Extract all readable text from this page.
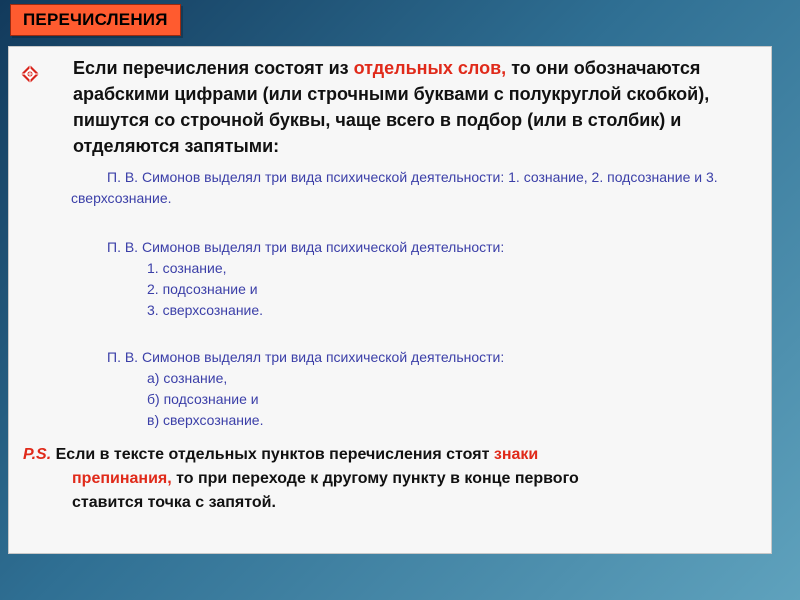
ПЕРЕЧИСЛЕНИЯ
Если перечисления состоят из отдельных слов, то они обозначаются арабскими цифрами (или строчными буквами с полукруглой скобкой), пишутся со строчной буквы, чаще всего в подбор (или в столбик) и отделяются запятыми:
П. В. Симонов выделял три вида психической деятельности: 1. сознание, 2. подсознание и 3. сверхсознание.
П. В. Симонов выделял три вида психической деятельности:
1. сознание,
2. подсознание и
3. сверхсознание.
П. В. Симонов выделял три вида психической деятельности:
а) сознание,
б) подсознание и
в) сверхсознание.
P.S. Если в тексте отдельных пунктов перечисления стоят знаки
препинания, то при переходе к другому пункту в конце первого
ставится точка с запятой.
